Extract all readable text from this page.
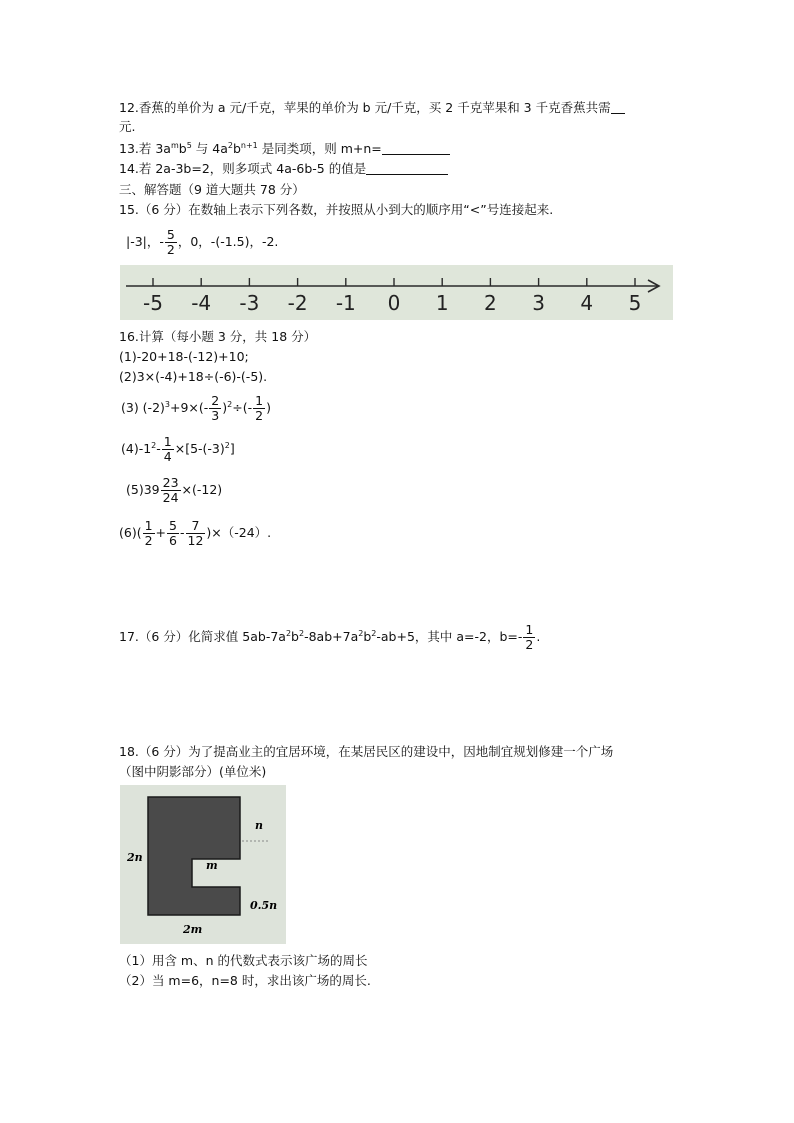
12.香蕉的单价为 a 元/千克，苹果的单价为 b 元/千克，买 2 千克苹果和 3 千克香蕉共需
元.
13.若 $3a^mb^5$ 与 $4a^2b^{n+1}$ 是同类项，则 m+n=
14.若 2a-3b=2，则多项式 4a-6b-5 的值是
三、解答题（9 道大题共 78 分）
15.（6 分）在数轴上表示下列各数，并按照从小到大的顺序用“<”号连接起来.
|-3|，- $\frac{5}{2}$ ，0，-(-1.5)，-2.
-5 -4 -3 -2 -1 0 1 2 3 4 5
16.计算（每小题 3 分，共 18 分）
(1)-20+18-(-12)+10;
(2)3×(-4)+18÷(-6)-(-5).
(3) $(-2)^3+9\times(- \frac{2}{3} )^2\div(- \frac{1}{2}$ )
$(4)-1^2- \frac{1}{4} \times[5-(-3)^2]$
$(5)39 \frac{23}{24} \times(-12)$
$(6)( \frac{1}{2} + \frac{5}{6} - \frac{7}{12} )\times(-24)$.
17.（6 分）化简求值 $5ab-7a^2b^2-8ab+7a^2b^2-ab+5$，其中 a=-2，$b=- \frac{1}{2}$ .
18.（6 分）为了提高业主的宜居环境，在某居民区的建设中，因地制宜规划修建一个广场
（图中阴影部分）(单位米)
n
2n
m
0.5n
2m
（1）用含 m、n 的代数式表示该广场的周长
（2）当 m=6，n=8 时，求出该广场的周长.
